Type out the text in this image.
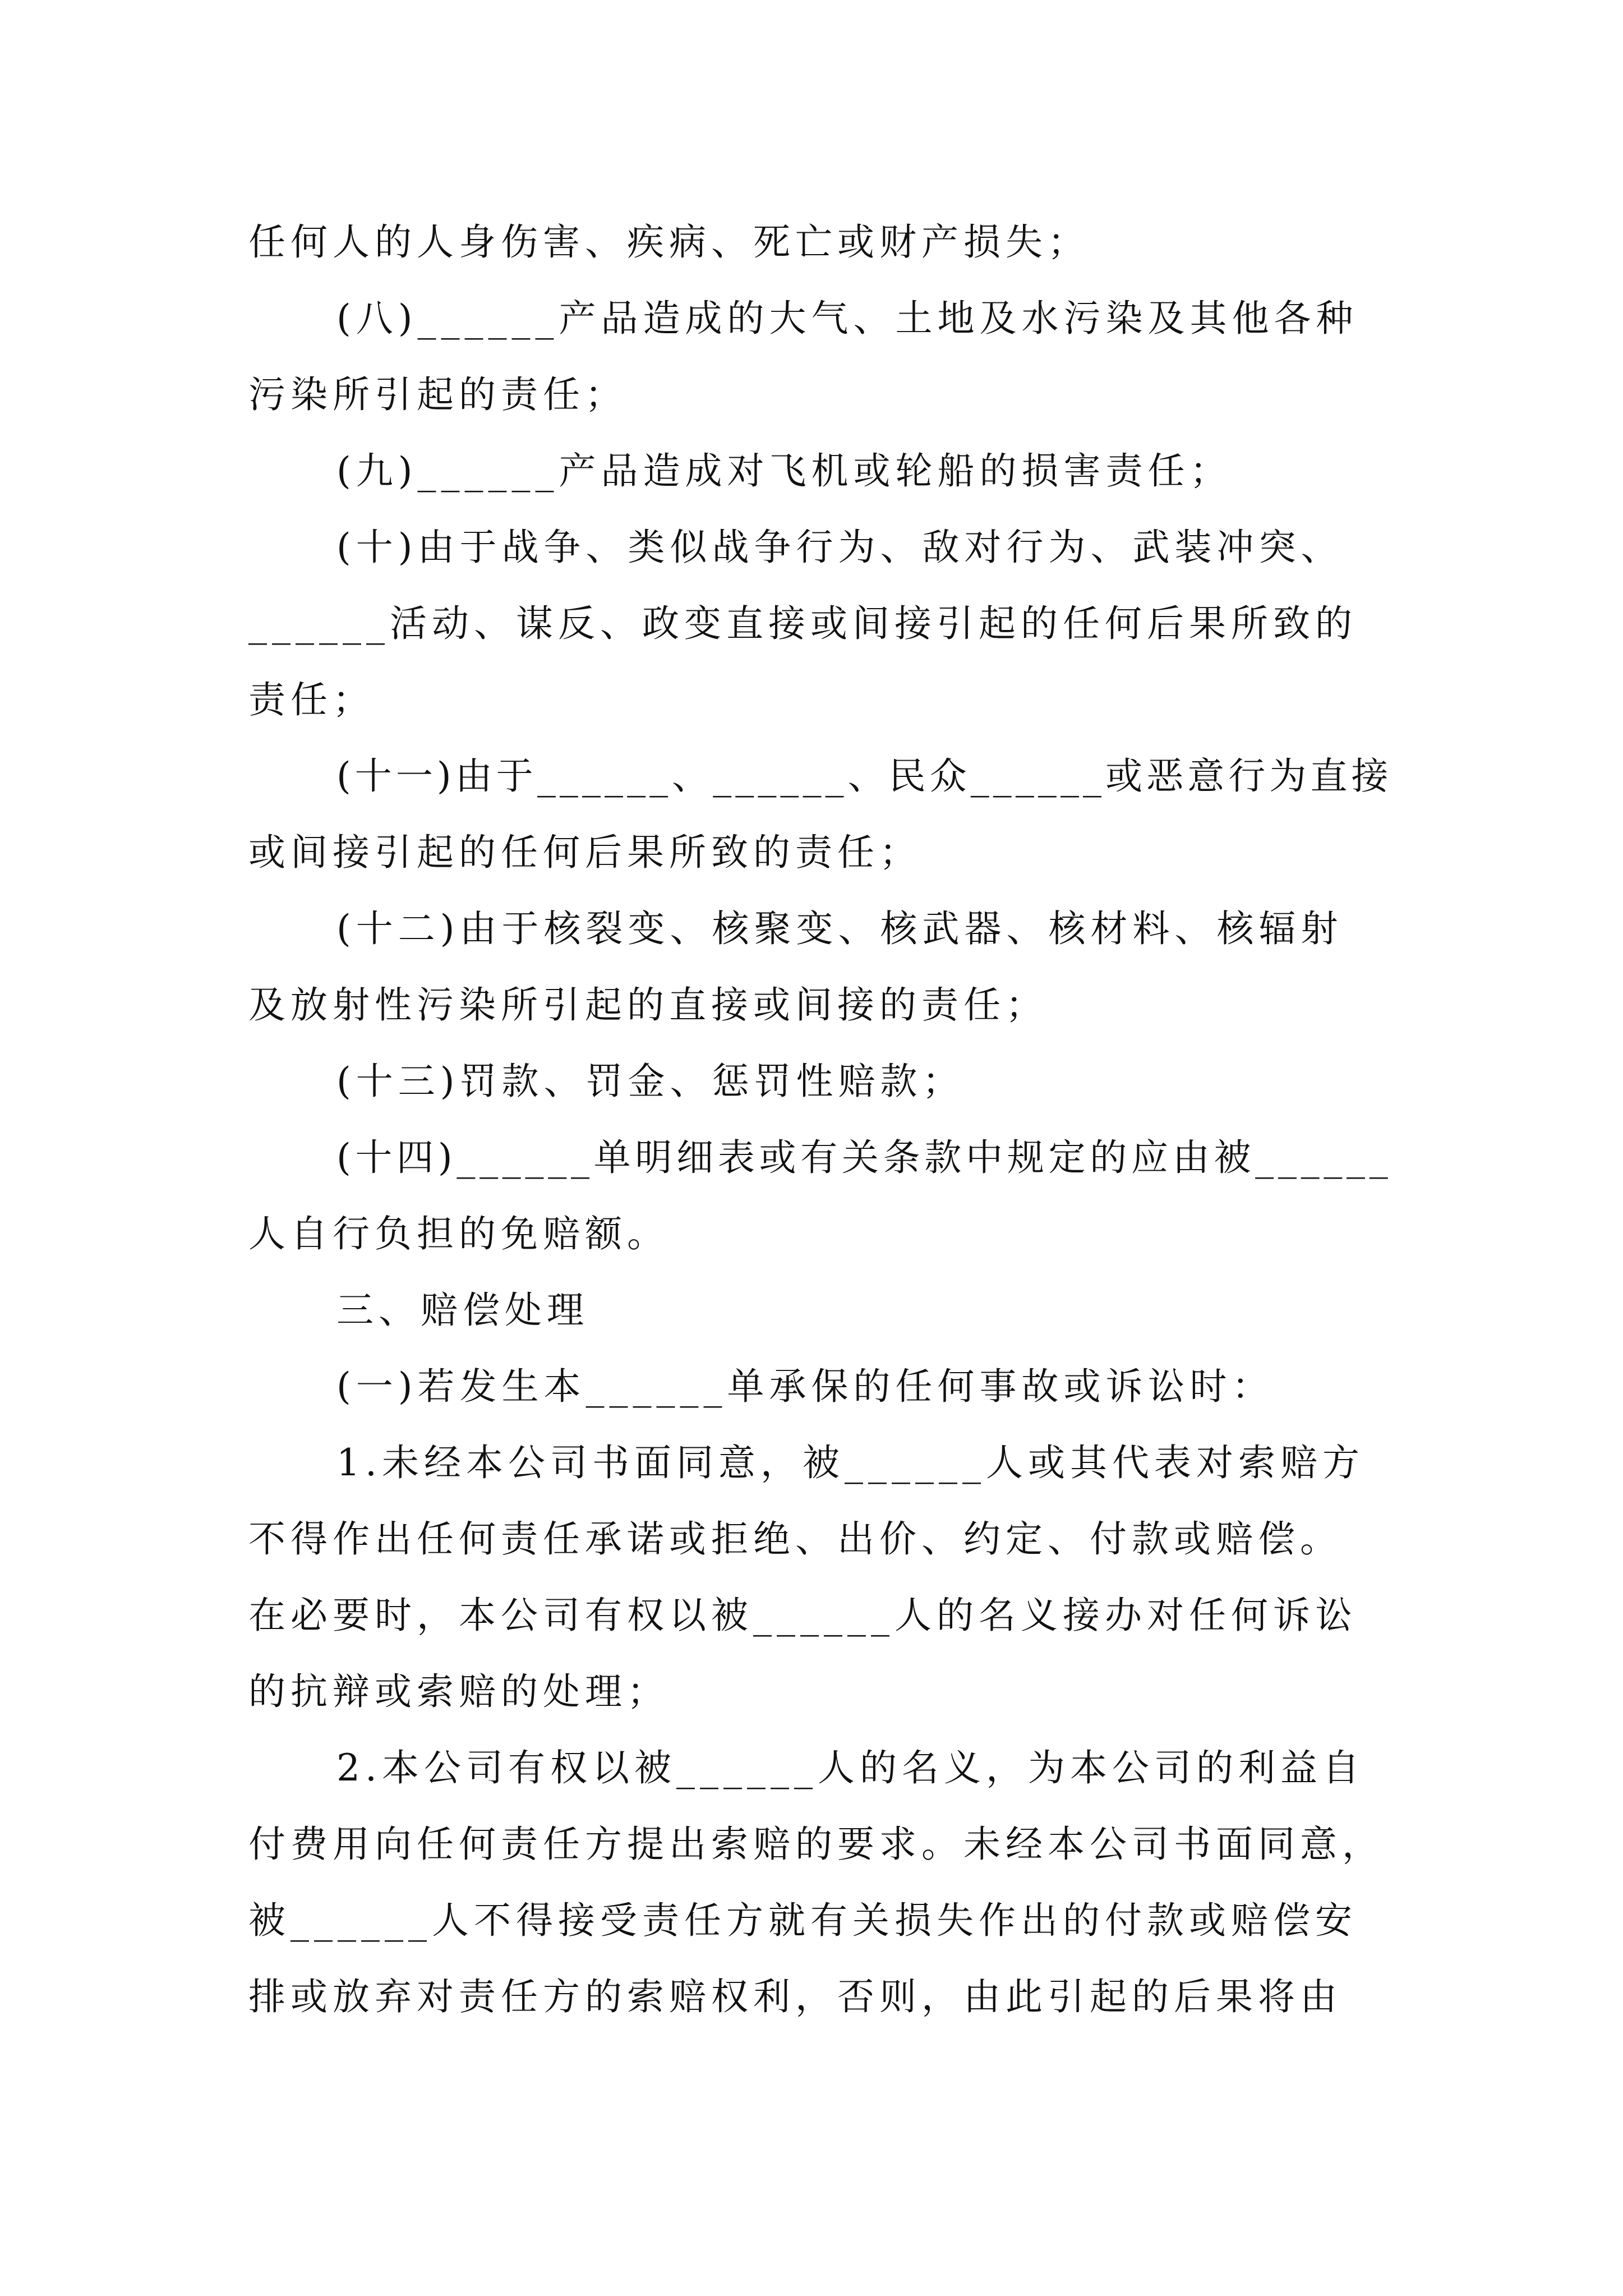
任何人的人身伤害、疾病、死亡或财产损失；
(八)______产品造成的大气、土地及水污染及其他各种
污染所引起的责任；
(九)______产品造成对飞机或轮船的损害责任；
(十)由于战争、类似战争行为、敌对行为、武装冲突、
______活动、谋反、政变直接或间接引起的任何后果所致的
责任；
(十一)由于______、______、民众______或恶意行为直接
或间接引起的任何后果所致的责任；
(十二)由于核裂变、核聚变、核武器、核材料、核辐射
及放射性污染所引起的直接或间接的责任；
(十三)罚款、罚金、惩罚性赔款；
(十四)______单明细表或有关条款中规定的应由被______
人自行负担的免赔额。
三、赔偿处理
(一)若发生本______单承保的任何事故或诉讼时：
1.未经本公司书面同意，被______人或其代表对索赔方
不得作出任何责任承诺或拒绝、出价、约定、付款或赔偿。
在必要时，本公司有权以被______人的名义接办对任何诉讼
的抗辩或索赔的处理；
2.本公司有权以被______人的名义，为本公司的利益自
付费用向任何责任方提出索赔的要求。未经本公司书面同意，
被______人不得接受责任方就有关损失作出的付款或赔偿安
排或放弃对责任方的索赔权利，否则，由此引起的后果将由
